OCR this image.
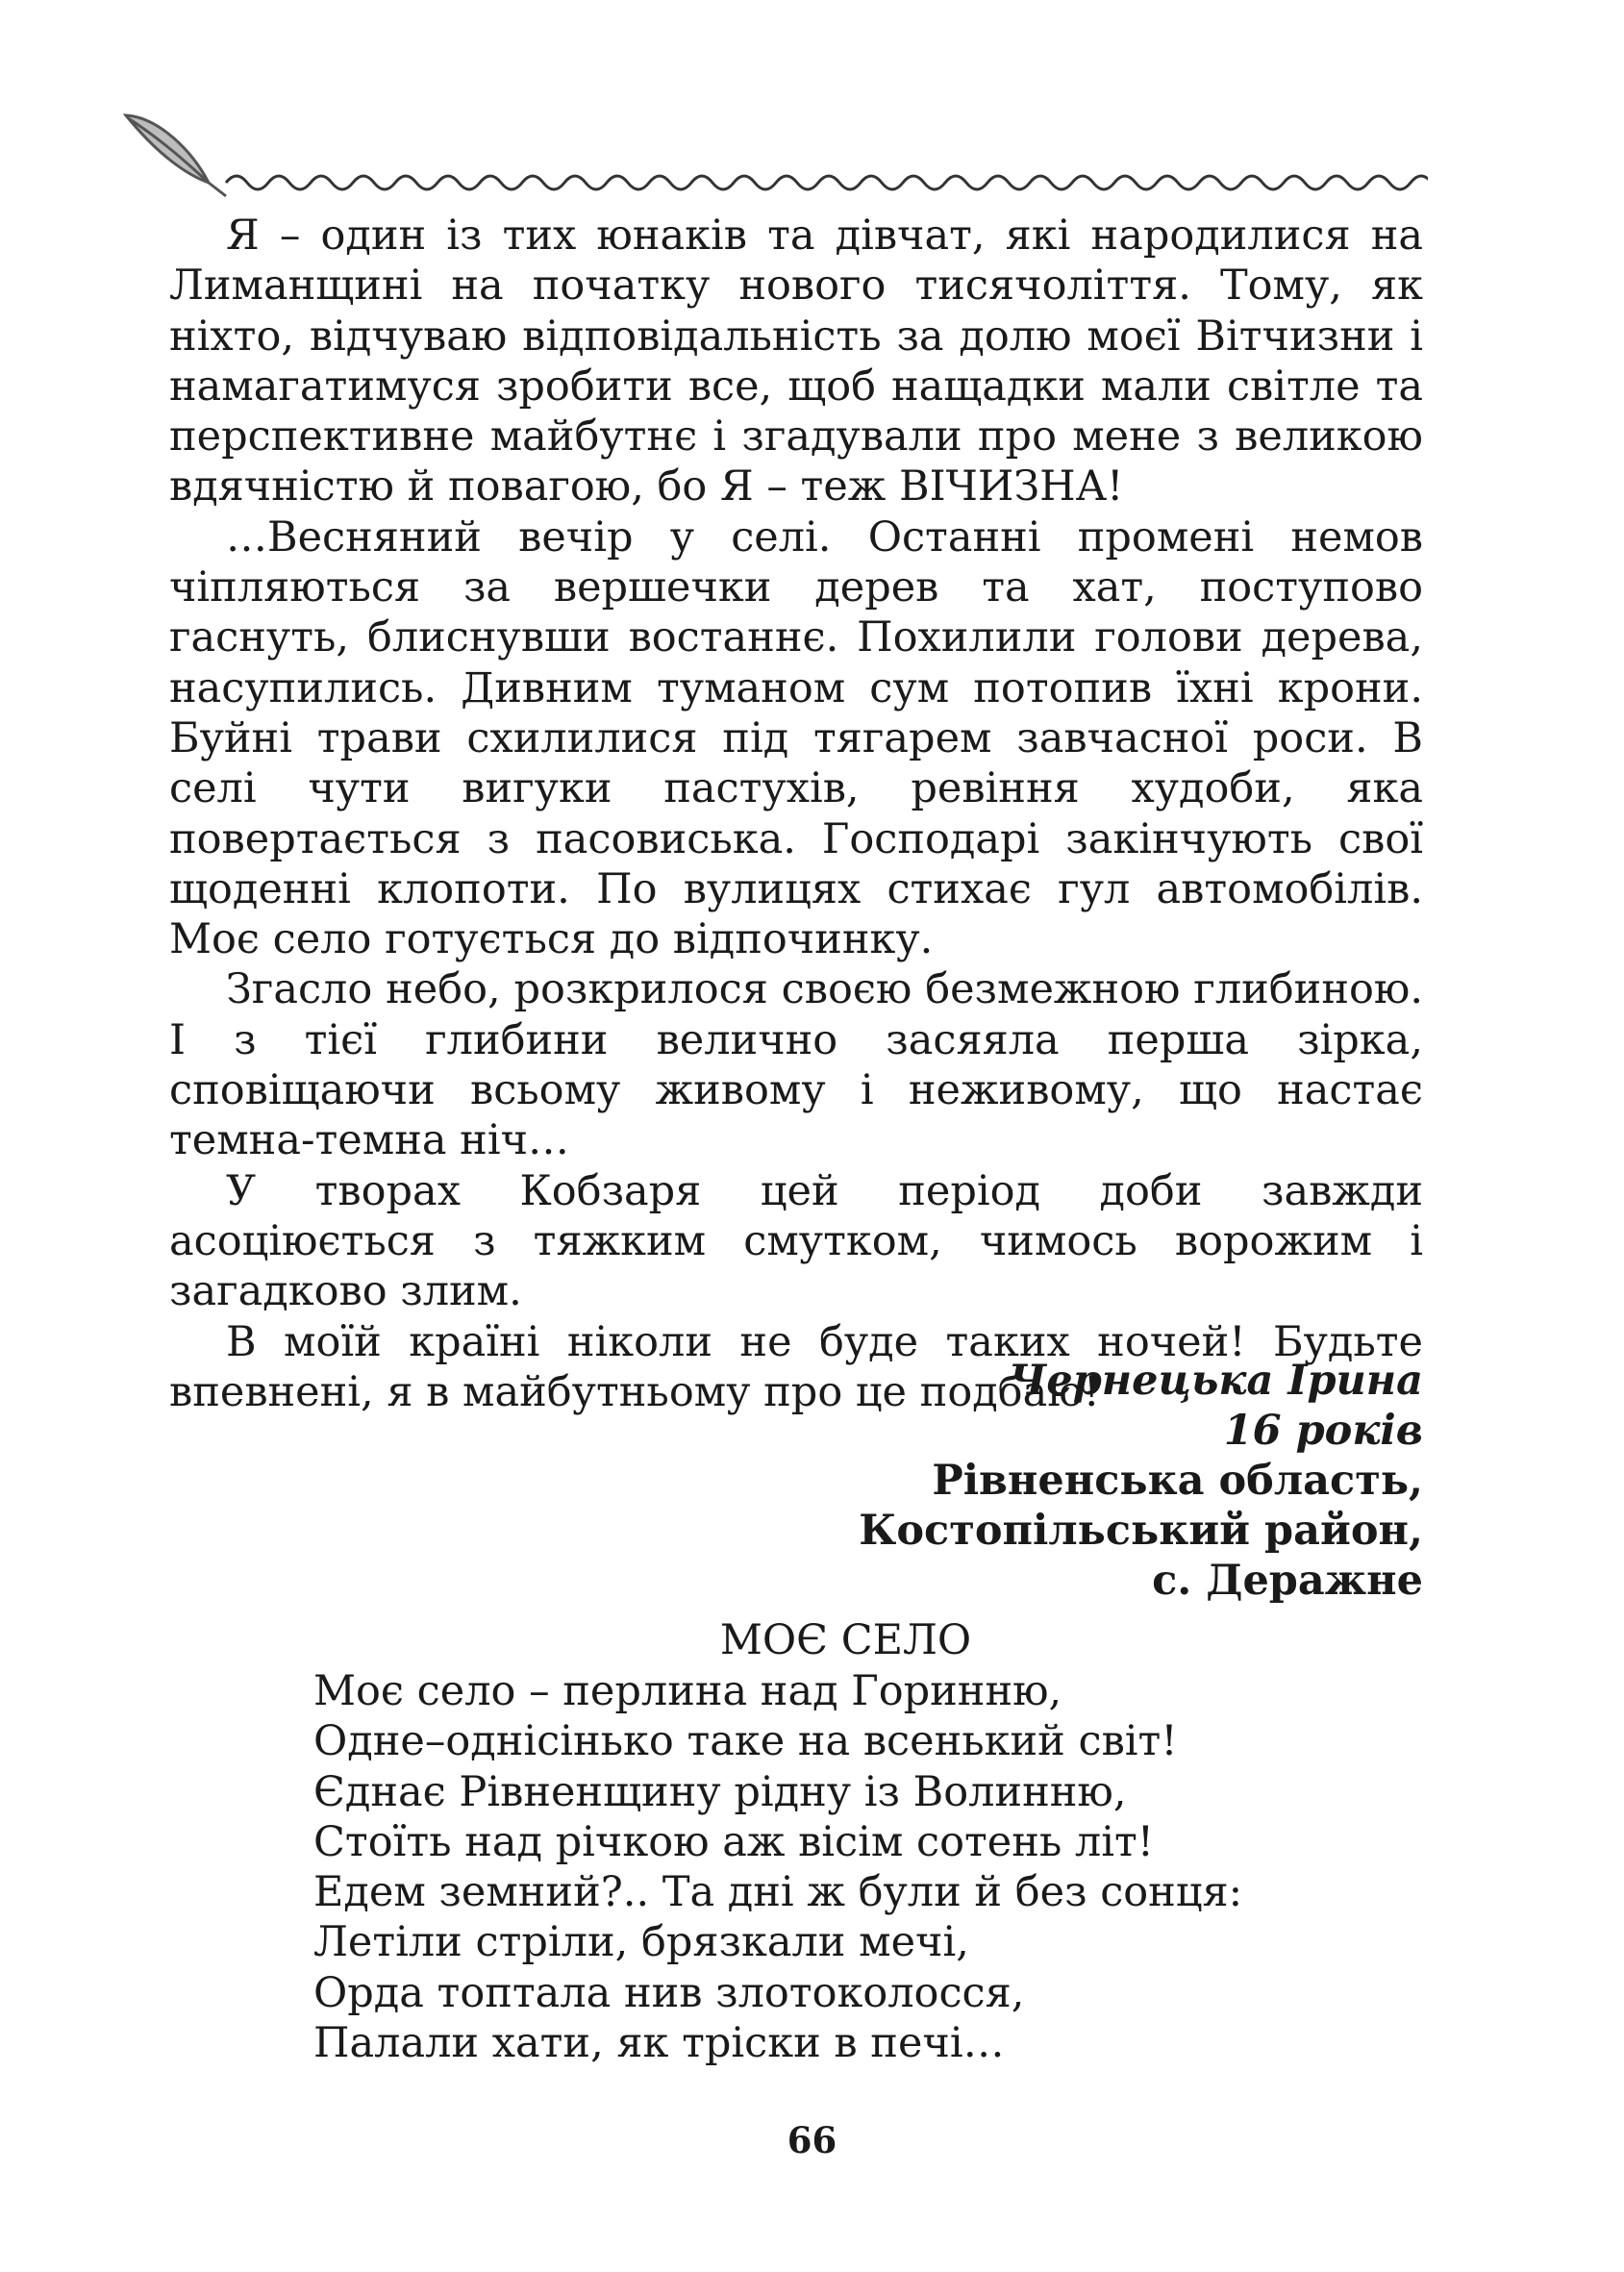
Я – один із тих юнаків та дівчат, які народилися на Лиманщині на початку нового тисячоліття. Тому, як ніхто, відчуваю відповідальність за долю моєї Вітчизни і намагатимуся зробити все, щоб нащадки мали світле та перспективне майбутнє і згадували про мене з великою вдячністю й повагою, бо Я – теж ВІЧИЗНА!

…Весняний вечір у селі. Останні промені немов чіпляються за вершечки дерев та хат, поступово гаснуть, блиснувши востаннє. Похилили голови дерева, насупились. Дивним туманом сум потопив їхні крони. Буйні трави схилилися під тягарем завчасної роси. В селі чути вигуки пастухів, ревіння худоби, яка повертається з пасовиська. Господарі закінчують свої щоденні клопоти. По вулицях стихає гул автомобілів. Моє село готується до відпочинку.

Згасло небо, розкрилося своєю безмежною глибиною. І з тієї глибини велично засяяла перша зірка, сповіщаючи всьому живому і неживому, що настає темна-темна ніч…

У творах Кобзаря цей період доби завжди асоціюється з тяжким смутком, чимось ворожим і загадково злим.

В моїй країні ніколи не буде таких ночей! Будьте впевнені, я в майбутньому про це подбаю!

Чернецька Ірина
16 років
Рівненська область,
Костопільський район,
с. Деражне
МОЄ СЕЛО
Моє село – перлина над Горинню,
Одне–однісінько таке на всенький світ!
Єднає Рівненщину рідну із Волинню,
Стоїть над річкою аж вісім сотень літ!
Едем земний?.. Та дні ж були й без сонця:
Летіли стріли, брязкали мечі,
Орда топтала нив злотоколосся,
Палали хати, як тріски в печі…
66
